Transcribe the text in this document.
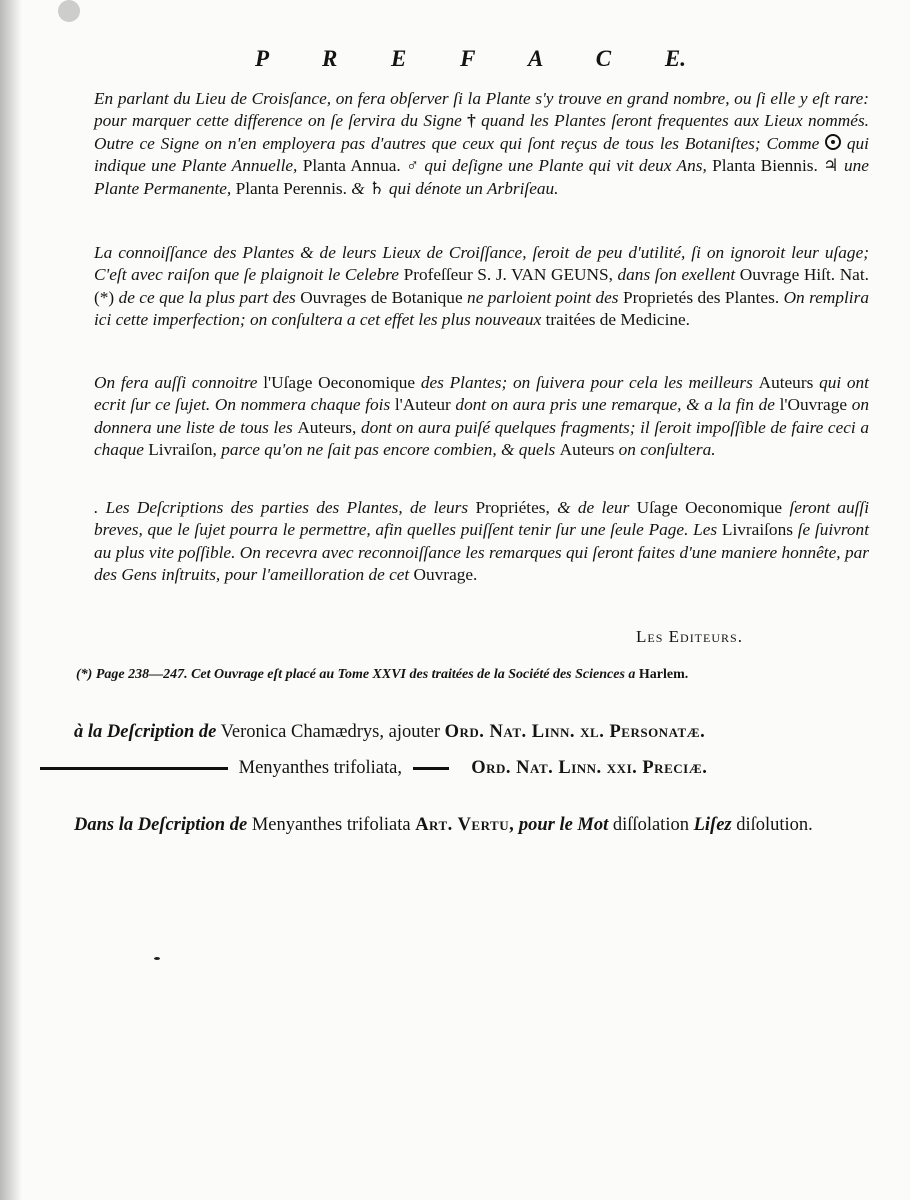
P R E F A C E.
En parlant du Lieu de Croisſance, on fera obſerver ſi la Plante s'y trouve en grand nombre, ou ſi elle y eſt rare: pour marquer cette difference on ſe ſervira du Signe † quand les Plantes ſeront frequentes aux Lieux nommés. Outre ce Signe on n'en employera pas d'autres que ceux qui ſont reçus de tous les Botaniſtes; Comme qui indique une Plante Annuelle, Planta Annua. ♂ qui deſigne une Plante qui vit deux Ans, Planta Biennis. ♃ une Plante Permanente, Planta Perennis. & ♄ qui dénote un Arbriſeau.
La connoiſſance des Plantes & de leurs Lieux de Croiſſance, ſeroit de peu d'utilité, ſi on ignoroit leur uſage; C'eſt avec raiſon que ſe plaignoit le Celebre Profeſſeur S. J. VAN GEUNS, dans ſon exellent Ouvrage Hiſt. Nat. (*) de ce que la plus part des Ouvrages de Botanique ne parloient point des Proprietés des Plantes. On remplira ici cette imperfection; on conſultera a cet effet les plus nouveaux traitées de Medicine.
On fera auſſi connoitre l'Uſage Oeconomique des Plantes; on ſuivera pour cela les meilleurs Auteurs qui ont ecrit ſur ce ſujet. On nommera chaque fois l'Auteur dont on aura pris une remarque, & a la fin de l'Ouvrage on donnera une liste de tous les Auteurs, dont on aura puiſé quelques fragments; il ſeroit impoſſible de faire ceci a chaque Livraiſon, parce qu'on ne ſait pas encore combien, & quels Auteurs on conſultera.
. Les Deſcriptions des parties des Plantes, de leurs Propriétes, & de leur Uſage Oeconomique ſeront auſſi breves, que le ſujet pourra le permettre, afin quelles puiſſent tenir ſur une ſeule Page. Les Livraiſons ſe ſuivront au plus vite poſſible. On recevra avec reconnoiſſance les remarques qui ſeront faites d'une maniere honnête, par des Gens inſtruits, pour l'ameilloration de cet Ouvrage.
Les Editeurs.
(*) Page 238—247. Cet Ouvrage eſt placé au Tome XXVI des traitées de la Société des Sciences a Harlem.
à la Deſcription de Veronica Chamædrys, ajouter Ord. Nat. Linn. xl. Personatæ.
Menyanthes trifoliata,	Ord. Nat. Linn. xxi. Preciæ.
Dans la Deſcription de Menyanthes trifoliata Art. Vertu, pour le Mot diſſolation Liſez diſolution.
